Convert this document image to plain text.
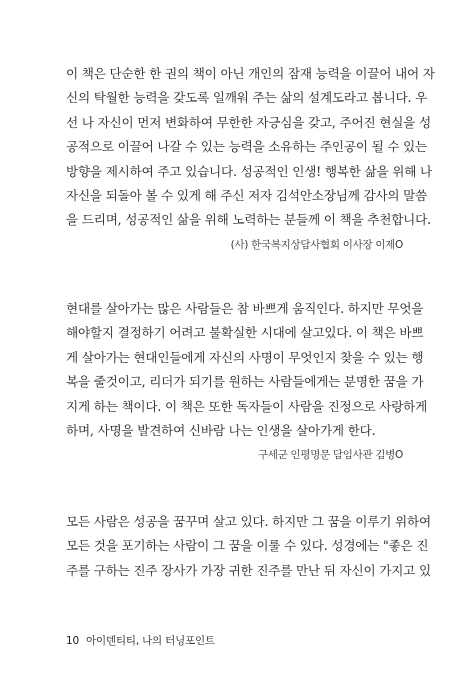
이 책은 단순한 한 권의 책이 아닌 개인의 잠재 능력을 이끌어 내어 자
신의 탁월한 능력을 갖도록 일깨워 주는 삶의 설계도라고 봅니다. 우
선 나 자신이 먼저 변화하여 무한한 자긍심을 갖고, 주어진 현실을 성
공적으로 이끌어 나갈 수 있는 능력을 소유하는 주인공이 될 수 있는
방향을 제시하여 주고 있습니다. 성공적인 인생! 행복한 삶을 위해 나
자신을 되돌아 볼 수 있게 해 주신 저자 김석안소장님께 감사의 말씀
을 드리며, 성공적인 삶을 위해 노력하는 분들께 이 책을 추천합니다.
(사) 한국복지상담사협회 이사장 이제O
현대를 살아가는 많은 사람들은 참 바쁘게 움직인다. 하지만 무엇을
해야할지 결정하기 어려고 불확실한 시대에 살고있다. 이 책은 바쁘
게 살아가는 현대인들에게 자신의 사명이 무엇인지 찾을 수 있는 행
복을 줄것이고, 리더가 되기를 원하는 사람들에게는 분명한 꿈을 가
지게 하는 책이다. 이 책은 또한 독자들이 사람을 진정으로 사랑하게
하며, 사명을 발견하여 신바람 나는 인생을 살아가게 한다.
구세군 인평명문 담임사관 김병O
모든 사람은 성공을 꿈꾸며 살고 있다. 하지만 그 꿈을 이루기 위하여
모든 것을 포기하는 사람이 그 꿈을 이룰 수 있다. 성경에는 "좋은 진
주를 구하는 진주 장사가 가장 귀한 진주를 만난 뒤 자신이 가지고 있
10 아이덴티티, 나의 터닝포인트
